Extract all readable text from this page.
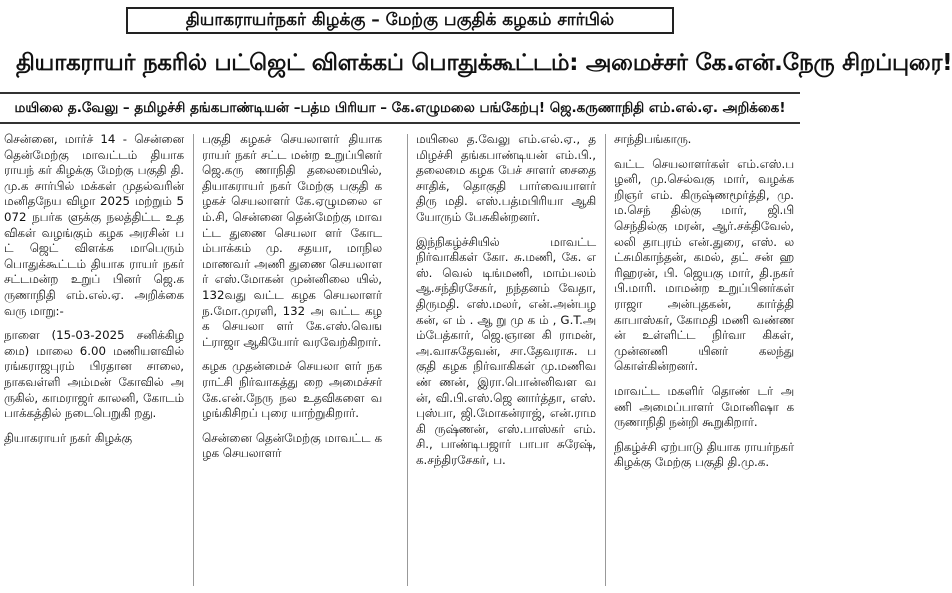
தியாகராயர்நகர் கிழக்கு – மேற்கு பகுதிக் கழகம் சார்பில்
தியாகராயர் நகரில் பட்ஜெட் விளக்கப் பொதுக்கூட்டம்: அமைச்சர் கே.என்.நேரு சிறப்புரை!
மயிலை த.வேலு – தமிழச்சி தங்கபாண்டியன் –பத்ம பிரியா – கே.எழுமலை பங்கேற்பு! ஜெ.கருணாநிதி எம்.எல்.ஏ. அறிக்கை!

சென்னை, மார்ச் 14 - சென்னை தென்மேற்கு மாவட்டம் தியாகராயந் கர் கிழக்கு மேற்கு பகுதி தி.மு.க சார்பில் மக்கள் முதல்வரின் மனிதநேய விழா 2025 மற்றும் 5072 நபர்க ளுக்கு நலத்திட்ட உதவிகள் வழங்கும் கழக அரசின் பட் ஜெட் விளக்க மாபெரும் பொதுக்கூட்டம் தியாக ராயர் நகர் சட்டமன்ற உறுப் பினர் ஜெ.கருணாநிதி எம்.எல்.ஏ. அறிக்கை வரு மாறு:-

நாளை (15-03-2025 சனிக்கிழமை) மாலை 6.00 மணியளவில் ரங்கராஜபுரம் பிரதான சாலை, நாகவள்ளி அம்மன் கோவில் அருகில், காமராஜர் காலனி, கோடம் பாக்கத்தில் நடைபெறுகி றது.

தியாகராயர் நகர் கிழக்கு

பகுதி கழகச் செயலாளர் தியாகராயர் நகர் சட்ட மன்ற உறுப்பினர் ஜெ.கரு ணாநிதி தலைமையில், தியாகராயர் நகர் மேற்கு பகுதி கழகச் செயலாளர் கே.ஏழுமலை எம்.சி, சென்னை தென்மேற்கு மாவட்ட துணை செயலா ளர் கோடம்பாக்கம் மு. சதயா, மாநில மாணவர் அணி துணை செயலாளர் எஸ்.மோகன் முன்னிலை யில், 132வது வட்ட கழக செயலாளர் ந.மோ.முரளி, 132 அ வட்ட கழக செயலா ளர் கே.எஸ்.வெஙட்ராஜா ஆகியோர் வரவேற்கிறார்.

கழக முதன்மைச் செயலா ளர் நகராட்சி நிர்வாகத்து றை அமைச்சர் கே.என்.நேரு நல உதவிகளை வழங்கிசிறப் புரை யாற்றுகிறார்.

சென்னை தென்மேற்கு மாவட்ட கழக செயலாளர்

மயிலை த.வேலு எம்.எல்.ஏ., தமிழச்சி தங்கபாண்டியன் எம்.பி., தலைமை கழக பேச் சாளர் சைதை சாதிக், தொகுதி பார்வையாளர் திரு மதி. எஸ்.பத்மபிரியா ஆகி யோரும் பேசுகின்றனர்.

இந்நிகழ்ச்சியில் மாவட்ட நிர்வாகிகள் கோ. சு.மணி, கே. எஸ். வெல் டிங்மணி, மாம்பலம் ஆ.சந்திரசேகர், நந்தனம் வேதா, திருமதி. எஸ்.மலர், என்.அன்பழகன், எ ம் . ஆ று மு க ம் , G.T.அம்பேத்கார், ஜெ.ஞான கி ராமன், அ.வாசுதேவன், சா.தேவராசு. பகுதி கழக நிர்வாகிகள் மு.மணிவண் ணன், இரா.பொன்னிவள வன், வி.பி.எஸ்.ஜெ னார்த்தா, எஸ்.புஸ்பா, ஜி.மோகன்ராஜ், என்.ராமகி ருஷ்ணன், எஸ்.பாஸ்கர் எம். சி., பாண்டிபஜார் பாபா சுரேஷ், க.சந்திரசேகர், ப.

சாந்திபங்காரு.

வட்ட செயலாளர்கள் எம்.எஸ்.பழனி, மு.செல்வகு மார், வழக்கறிஞர் எம். கிருஷ்ணமூர்த்தி, மு.ம.செந் தில்கு மார், ஜி.பி செந்தில்கு மரன், ஆர்.சக்திவேல், லலி தாபுரம் என்.துரை, எஸ். லட்சுமிகாந்தன், கமல், தட் சன் ஹரிஹரன், பி. ஜெயகு மார், தி.நகர் பி.மாரி. மாமன்ற உறுப்பினர்கள் ராஜா அன்புதகன், கார்த்தி காபாஸ்கர், கோமதி மணி வண்ணன் உள்ளிட்ட நிர்வா கிகள், முன்னணி யினர் கலந்து கொள்கின்றனர்.

மாவட்ட மகளிர் தொண் டர் அணி அமைப்பாளர் மோனிஷா கருணாநிதி நன்றி கூறுகிறார்.

நிகழ்ச்சி ஏற்பாடு தியாக ராயர்நகர் கிழக்கு மேற்கு பகுதி தி.மு.க.
